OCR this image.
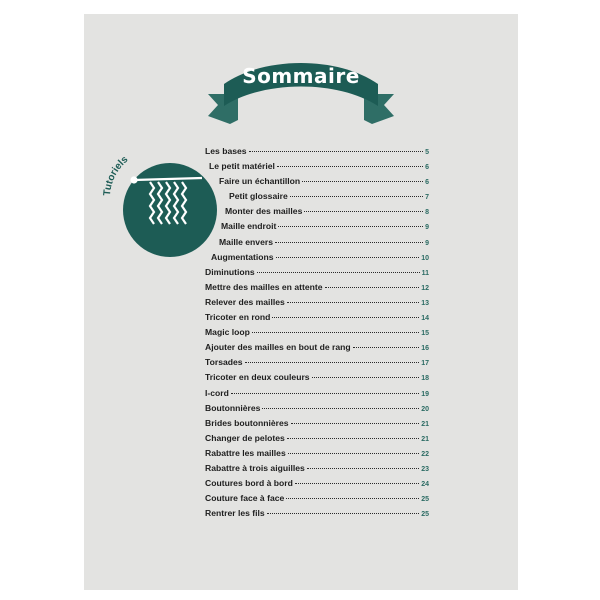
Sommaire
Tutoriels
Les bases	5
Le petit matériel	6
Faire un échantillon	6
Petit glossaire	7
Monter des mailles	8
Maille endroit	9
Maille envers	9
Augmentations	10
Diminutions	11
Mettre des mailles en attente	12
Relever des mailles	13
Tricoter en rond	14
Magic loop	15
Ajouter des mailles en bout de rang	16
Torsades	17
Tricoter en deux couleurs	18
I-cord	19
Boutonnières	20
Brides boutonnières	21
Changer de pelotes	21
Rabattre les mailles	22
Rabattre à trois aiguilles	23
Coutures bord à bord	24
Couture face à face	25
Rentrer les fils	25
